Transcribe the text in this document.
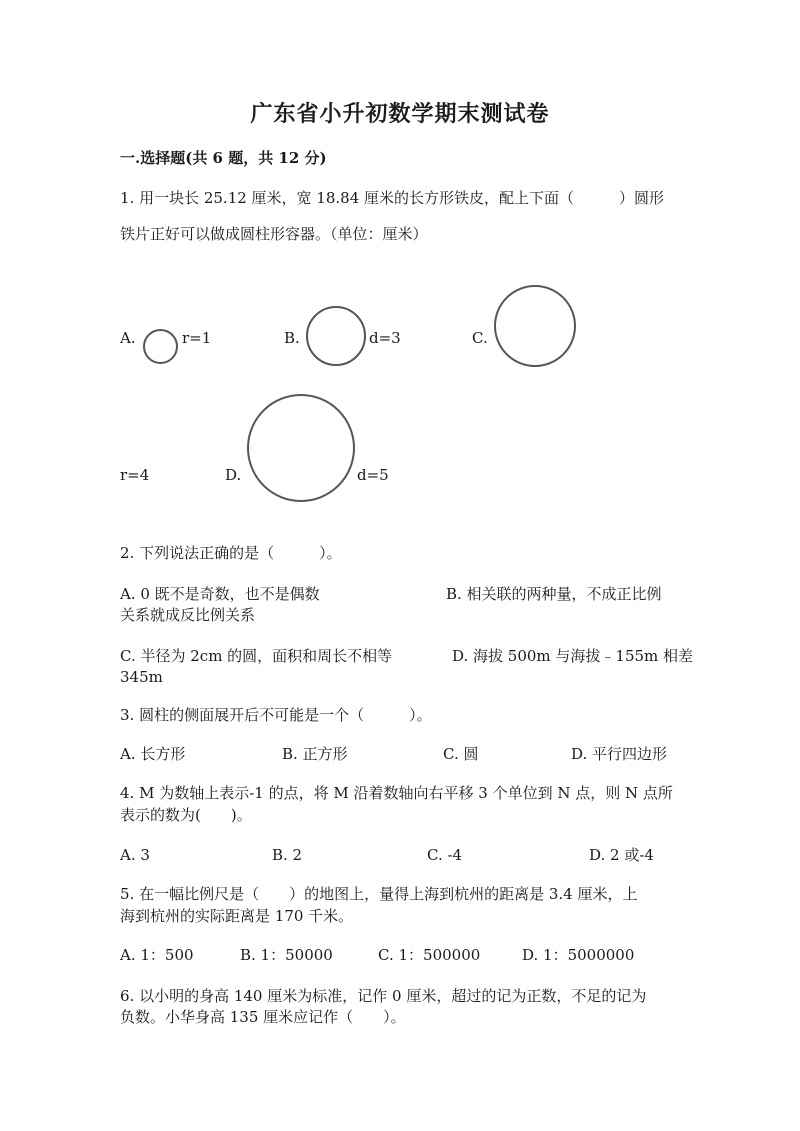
广东省小升初数学期末测试卷
一.选择题(共 6 题，共 12 分)
1. 用一块长 25.12 厘米，宽 18.84 厘米的长方形铁皮，配上下面（　　　）圆形
铁片正好可以做成圆柱形容器。（单位：厘米）
A.	r=1	B.	d=3	C.
r=4	D.	d=5
2. 下列说法正确的是（　　　）。
A. 0 既不是奇数，也不是偶数	B. 相关联的两种量，不成正比例
关系就成反比例关系
C. 半径为 2cm 的圆，面积和周长不相等	D. 海拔 500m 与海拔﹣155m 相差
345m
3. 圆柱的侧面展开后不可能是一个（　　　）。
A. 长方形	B. 正方形	C. 圆	D. 平行四边形
4. M 为数轴上表示-1 的点，将 M 沿着数轴向右平移 3 个单位到 N 点，则 N 点所
表示的数为(　　)。
A. 3	B. 2	C. -4	D. 2 或-4
5. 在一幅比例尺是（　　）的地图上，量得上海到杭州的距离是 3.4 厘米，上
海到杭州的实际距离是 170 千米。
A. 1：500	B. 1：50000	C. 1：500000	D. 1：5000000
6. 以小明的身高 140 厘米为标准，记作 0 厘米，超过的记为正数，不足的记为
负数。小华身高 135 厘米应记作（　　）。
